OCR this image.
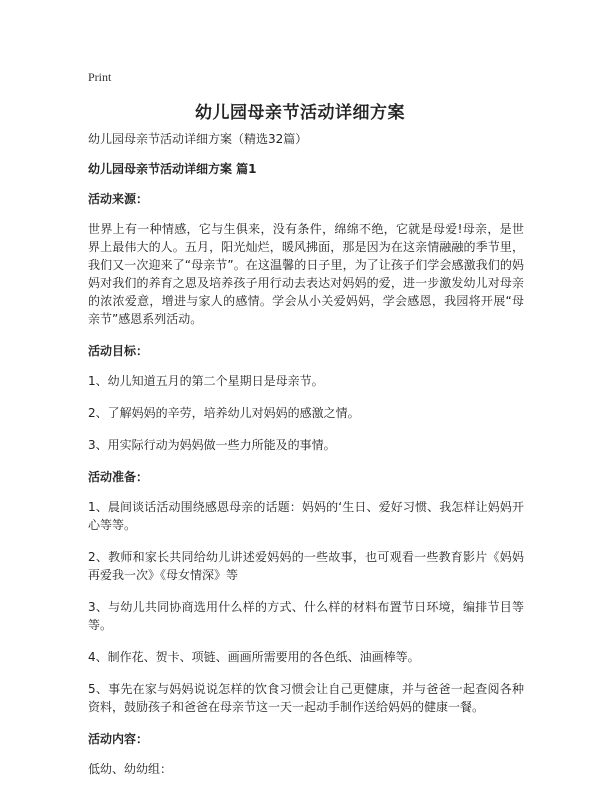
Print
幼儿园母亲节活动详细方案

幼儿园母亲节活动详细方案（精选32篇）

幼儿园母亲节活动详细方案 篇1

活动来源：

世界上有一种情感，它与生俱来，没有条件，绵绵不绝，它就是母爱!母亲，是世界上最伟大的人。五月，阳光灿烂，暖风拂面，那是因为在这亲情融融的季节里，我们又一次迎来了“母亲节”。在这温馨的日子里，为了让孩子们学会感激我们的妈妈对我们的养育之恩及培养孩子用行动去表达对妈妈的爱，进一步激发幼儿对母亲的浓浓爱意，增进与家人的感情。学会从小关爱妈妈，学会感恩，我园将开展“母亲节”感恩系列活动。

活动目标：

1、幼儿知道五月的第二个星期日是母亲节。

2、了解妈妈的辛劳，培养幼儿对妈妈的感激之情。

3、用实际行动为妈妈做一些力所能及的事情。

活动准备：

1、晨间谈话活动围绕感恩母亲的话题：妈妈的‘生日、爱好习惯、我怎样让妈妈开心等等。

2、教师和家长共同给幼儿讲述爱妈妈的一些故事，也可观看一些教育影片《妈妈再爱我一次》《母女情深》等

3、与幼儿共同协商选用什么样的方式、什么样的材料布置节日环境，编排节目等等。

4、制作花、贺卡、项链、画画所需要用的各色纸、油画棒等。

5、事先在家与妈妈说说怎样的饮食习惯会让自己更健康，并与爸爸一起查阅各种资料，鼓励孩子和爸爸在母亲节这一天一起动手制作送给妈妈的健康一餐。

活动内容：

低幼、幼幼组：
